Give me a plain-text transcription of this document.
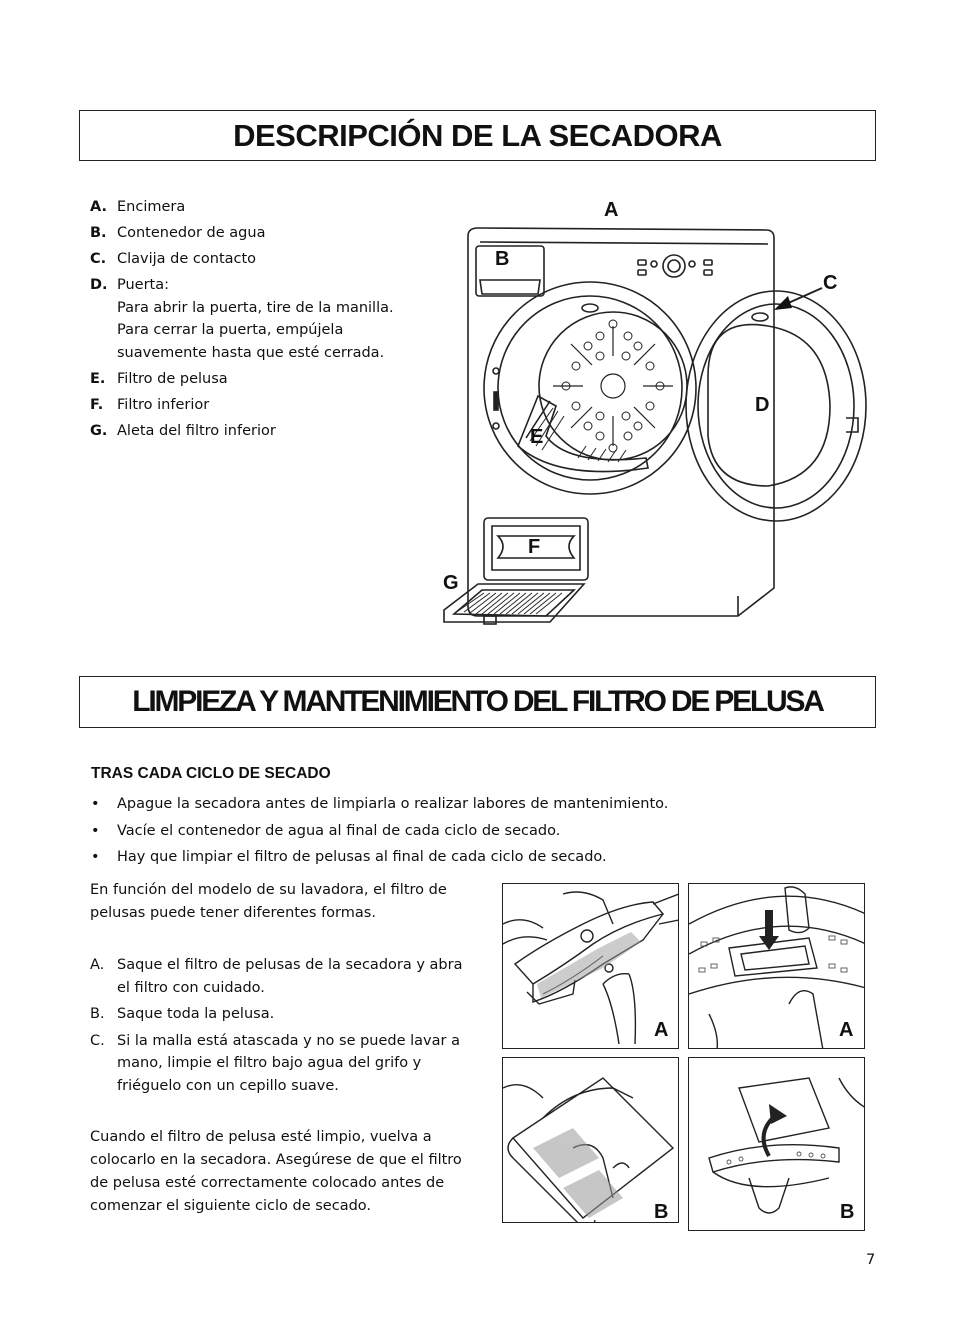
DESCRIPCIÓN DE LA SECADORA
A. Encimera
B. Contenedor de agua
C. Clavija de contacto
D. Puerta:
Para abrir la puerta, tire de la manilla.
Para cerrar la puerta, empújela suavemente hasta que esté cerrada.
E. Filtro de pelusa
F. Filtro inferior
G. Aleta del filtro inferior
A
B
C
D
E
F
G
LIMPIEZA Y MANTENIMIENTO DEL FILTRO DE PELUSA
TRAS CADA CICLO DE SECADO
•	Apague la secadora antes de limpiarla o realizar labores de mantenimiento.
•	Vacíe el contenedor de agua al final de cada ciclo de secado.
•	Hay que limpiar el filtro de pelusas al final de cada ciclo de secado.
En función del modelo de su lavadora, el filtro de pelusas puede tener diferentes formas.
A. Saque el filtro de pelusas de la secadora y abra el filtro con cuidado.
B. Saque toda la pelusa.
C. Si la malla está atascada y no se puede lavar a mano, limpie el filtro bajo agua del grifo y friéguelo con un cepillo suave.
Cuando el filtro de pelusa esté limpio, vuelva a colocarlo en la secadora. Asegúrese de que el filtro de pelusa esté correctamente colocado antes de comenzar el siguiente ciclo de secado.
A	A
B	B
7
